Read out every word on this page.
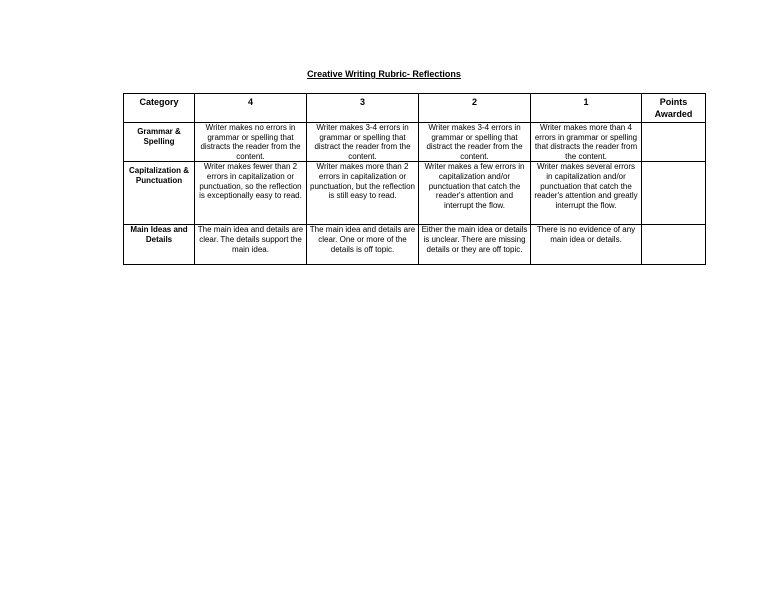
Creative Writing Rubric- Reflections
Category	4	3	2	1	Points Awarded
Grammar & Spelling	Writer makes no errors in grammar or spelling that distracts the reader from the content.	Writer makes 3-4 errors in grammar or spelling that distract the reader from the content.	Writer makes 3-4 errors in grammar or spelling that distract the reader from the content.	Writer makes more than 4 errors in grammar or spelling that distracts the reader from the content.	
Capitalization & Punctuation	Writer makes fewer than 2 errors in capitalization or punctuation, so the reflection is exceptionally easy to read.	Writer makes more than 2 errors in capitalization or punctuation, but the reflection is still easy to read.	Writer makes a few errors in capitalization and/or punctuation that catch the reader's attention and interrupt the flow.	Writer makes several errors in capitalization and/or punctuation that catch the reader's attention and greatly interrupt the flow.	
Main Ideas and Details	The main idea and details are clear. The details support the main idea.	The main idea and details are clear. One or more of the details is off topic.	Either the main idea or details is unclear. There are missing details or they are off topic.	There is no evidence of any main idea or details.	
